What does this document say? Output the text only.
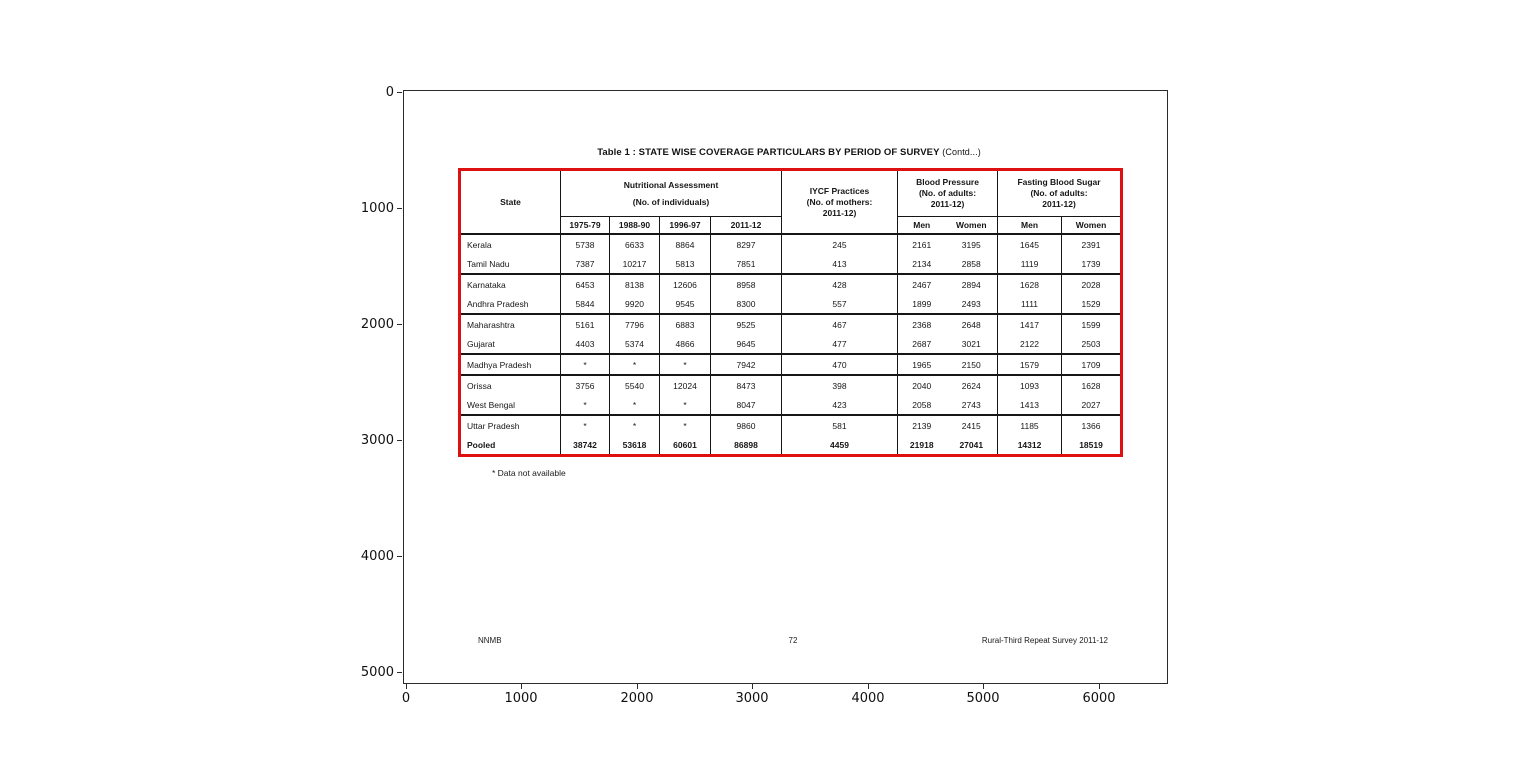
0
1000
2000
3000
4000
5000
0	1000	2000	3000	4000	5000	6000
Table 1 : STATE WISE COVERAGE PARTICULARS BY PERIOD OF SURVEY (Contd...)
State	
Nutritional Assessment
(No. of individuals)

IYCF Practices
(No. of mothers:
2011-12)

Blood Pressure
(No. of adults:
2011-12)

Fasting Blood Sugar
(No. of adults:
2011-12)

	1975-79	1988-90	1996-97	2011-12		Men	Women	Men	Women
Kerala	5738	6633	8864	8297	245	2161	3195	1645	2391
Tamil Nadu	7387	10217	5813	7851	413	2134	2858	1119	1739
Karnataka	6453	8138	12606	8958	428	2467	2894	1628	2028
Andhra Pradesh	5844	9920	9545	8300	557	1899	2493	1111	1529
Maharashtra	5161	7796	6883	9525	467	2368	2648	1417	1599
Gujarat	4403	5374	4866	9645	477	2687	3021	2122	2503
Madhya Pradesh	*	*	*	7942	470	1965	2150	1579	1709
Orissa	3756	5540	12024	8473	398	2040	2624	1093	1628
West Bengal	*	*	*	8047	423	2058	2743	1413	2027
Uttar Pradesh	*	*	*	9860	581	2139	2415	1185	1366
Pooled	38742	53618	60601	86898	4459	21918	27041	14312	18519
* Data not available
NNMB	72	Rural-Third Repeat Survey 2011-12
